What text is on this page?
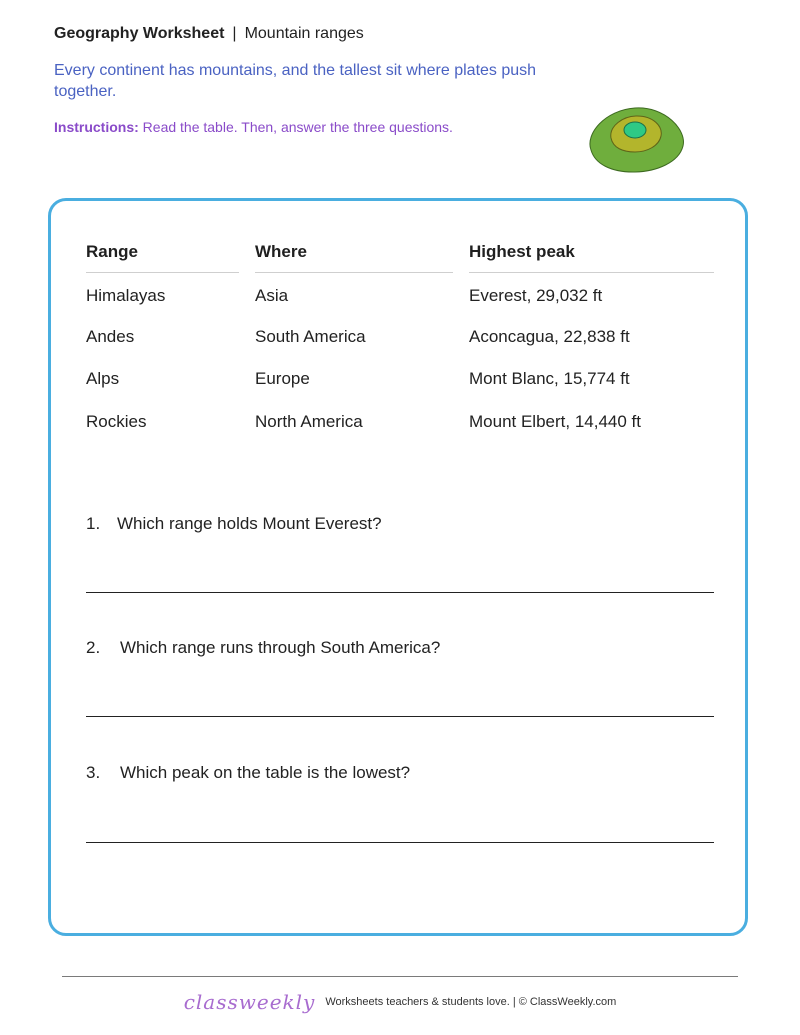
Geography Worksheet | Mountain ranges
Every continent has mountains, and the tallest sit where plates push together.
Instructions: Read the table. Then, answer the three questions.
Range	Where	Highest peak
Himalayas	Asia	Everest, 29,032 ft
Andes	South America	Aconcagua, 22,838 ft
Alps	Europe	Mont Blanc, 15,774 ft
Rockies	North America	Mount Elbert, 14,440 ft
1. Which range holds Mount Everest?
2. Which range runs through South America?
3. Which peak on the table is the lowest?
classweekly Worksheets teachers & students love. | © ClassWeekly.com
